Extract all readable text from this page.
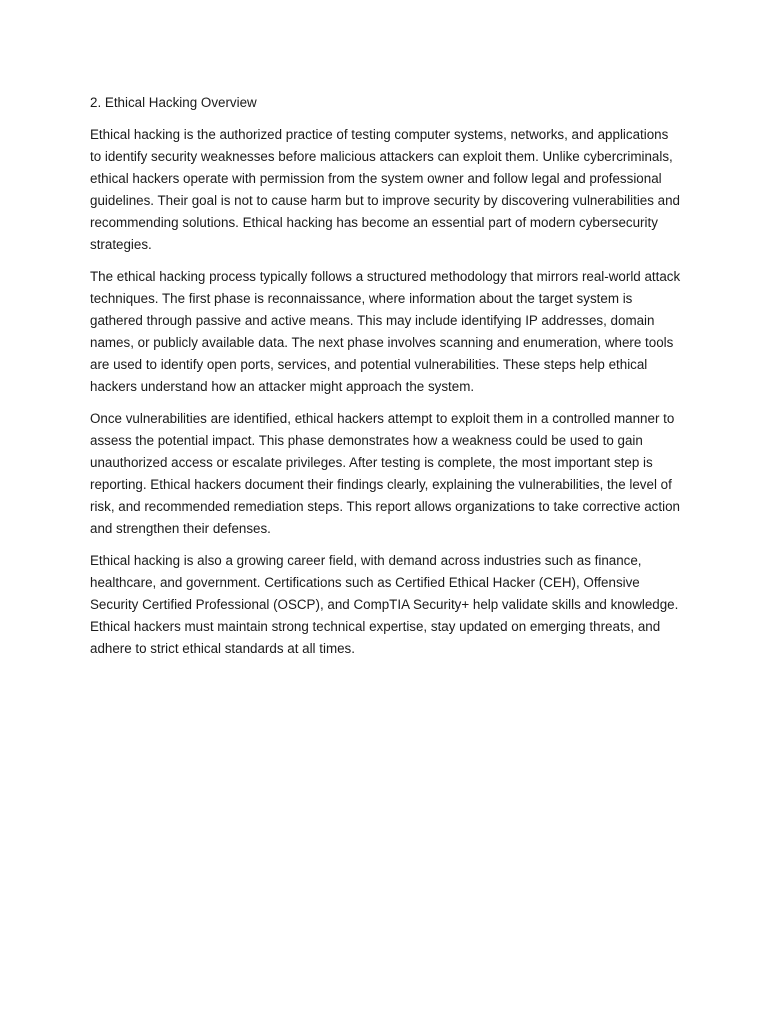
2. Ethical Hacking Overview

Ethical hacking is the authorized practice of testing computer systems, networks, and applications to identify security weaknesses before malicious attackers can exploit them. Unlike cybercriminals, ethical hackers operate with permission from the system owner and follow legal and professional guidelines. Their goal is not to cause harm but to improve security by discovering vulnerabilities and recommending solutions. Ethical hacking has become an essential part of modern cybersecurity strategies.

The ethical hacking process typically follows a structured methodology that mirrors real-world attack techniques. The first phase is reconnaissance, where information about the target system is gathered through passive and active means. This may include identifying IP addresses, domain names, or publicly available data. The next phase involves scanning and enumeration, where tools are used to identify open ports, services, and potential vulnerabilities. These steps help ethical hackers understand how an attacker might approach the system.

Once vulnerabilities are identified, ethical hackers attempt to exploit them in a controlled manner to assess the potential impact. This phase demonstrates how a weakness could be used to gain unauthorized access or escalate privileges. After testing is complete, the most important step is reporting. Ethical hackers document their findings clearly, explaining the vulnerabilities, the level of risk, and recommended remediation steps. This report allows organizations to take corrective action and strengthen their defenses.

Ethical hacking is also a growing career field, with demand across industries such as finance, healthcare, and government. Certifications such as Certified Ethical Hacker (CEH), Offensive Security Certified Professional (OSCP), and CompTIA Security+ help validate skills and knowledge. Ethical hackers must maintain strong technical expertise, stay updated on emerging threats, and adhere to strict ethical standards at all times.
